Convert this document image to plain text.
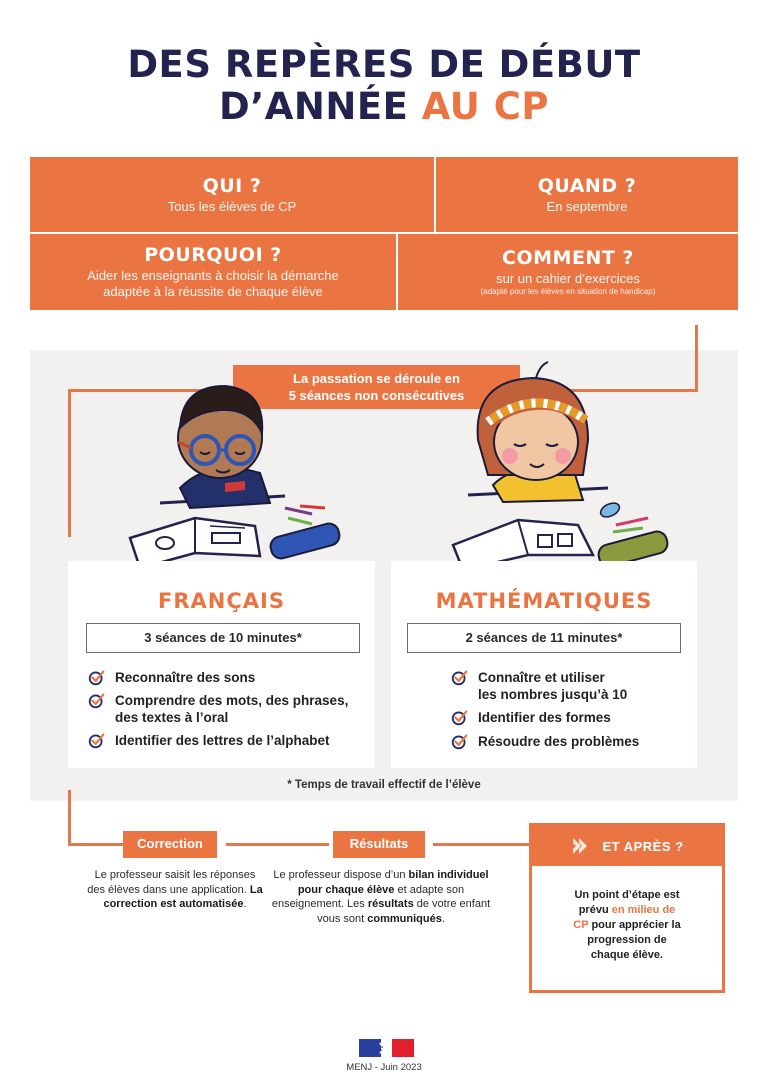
DES REPÈRES DE DÉBUT
D’ANNÉE AU CP
QUI ?
Tous les élèves de CP
QUAND ?
En septembre
POURQUOI ?
Aider les enseignants à choisir la démarche
adaptée à la réussite de chaque élève
COMMENT ?
sur un cahier d’exercices
(adapté pour les élèves en situation de handicap)
La passation se déroule en
5 séances non consécutives
FRANÇAIS
3 séances de 10 minutes*
Reconnaître des sons
Comprendre des mots, des phrases,
des textes à l’oral
Identifier des lettres de l’alphabet
MATHÉMATIQUES
2 séances de 11 minutes*
Connaître et utiliser
les nombres jusqu’à 10
Identifier des formes
Résoudre des problèmes
* Temps de travail effectif de l’élève
Correction
Le professeur saisit les réponses des élèves dans une application. La correction est automatisée.
Résultats
Le professeur dispose d’un bilan individuel pour chaque élève et adapte son enseignement. Les résultats de votre enfant vous sont communiqués.
ET APRÈS ?
Un point d’étape est prévu en milieu de CP pour apprécier la progression de chaque élève.
MENJ - Juin 2023
